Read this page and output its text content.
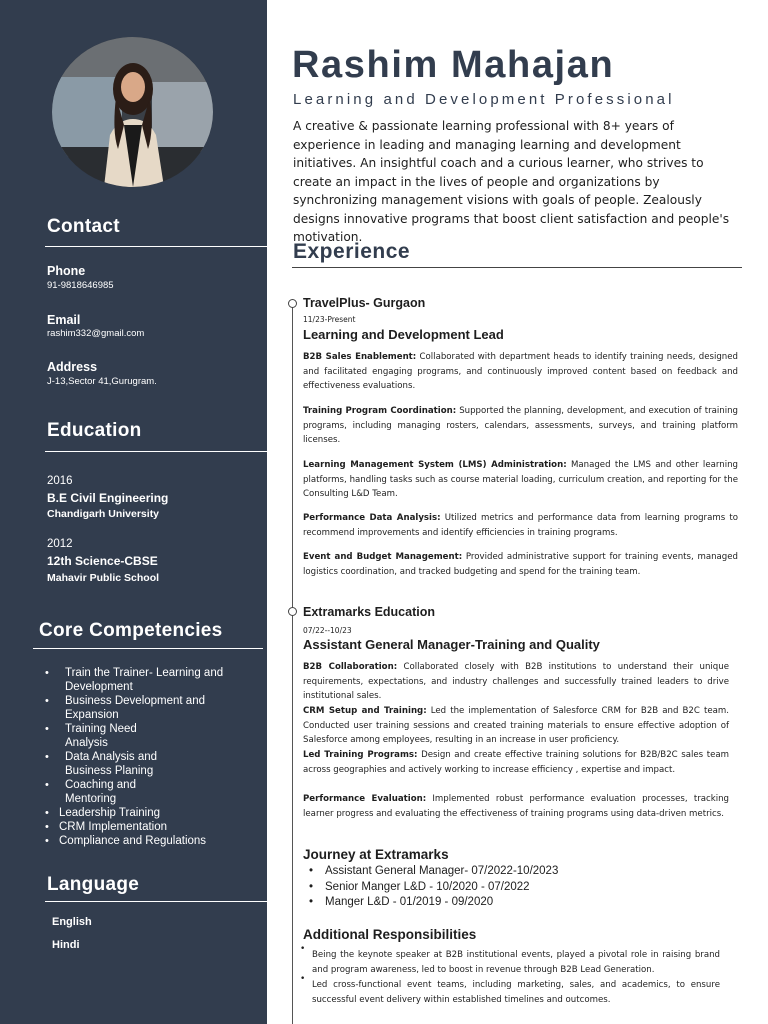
Contact
Phone
91-9818646985
Email
rashim332@gmail.com
Address
J-13,Sector 41,Gurugram.
Education
2016
B.E Civil Engineering
Chandigarh University
2012
12th Science-CBSE
Mahavir Public School
Core Competencies
• Train the Trainer- Learning and Development
• Business Development and Expansion
• Training Need Analysis
• Data Analysis and Business Planing
• Coaching and Mentoring
• Leadership Training
• CRM Implementation
• Compliance and Regulations
Language
English
Hindi
Rashim Mahajan
Learning and Development Professional
A creative & passionate learning professional with 8+ years of experience in leading and managing learning and development initiatives. An insightful coach and a curious learner, who strives to create an impact in the lives of people and organizations by synchronizing management visions with goals of people. Zealously designs innovative programs that boost client satisfaction and people's motivation.
Experience
TravelPlus- Gurgaon
11/23-Present
Learning and Development Lead
B2B Sales Enablement: Collaborated with department heads to identify training needs, designed and facilitated engaging programs, and continuously improved content based on feedback and effectiveness evaluations.
Training Program Coordination: Supported the planning, development, and execution of training programs, including managing rosters, calendars, assessments, surveys, and training platform licenses.
Learning Management System (LMS) Administration: Managed the LMS and other learning platforms, handling tasks such as course material loading, curriculum creation, and reporting for the Consulting L&D Team.
Performance Data Analysis: Utilized metrics and performance data from learning programs to recommend improvements and identify efficiencies in training programs.
Event and Budget Management: Provided administrative support for training events, managed logistics coordination, and tracked budgeting and spend for the training team.
Extramarks Education
07/22--10/23
Assistant General Manager-Training and Quality
B2B Collaboration: Collaborated closely with B2B institutions to understand their unique requirements, expectations, and industry challenges and successfully trained leaders to drive institutional sales.
CRM Setup and Training: Led the implementation of Salesforce CRM for B2B and B2C team. Conducted user training sessions and created training materials to ensure effective adoption of Salesforce among employees, resulting in an increase in user proficiency.
Led Training Programs: Design and create effective training solutions for B2B/B2C sales team across geographies and actively working to increase efficiency , expertise and impact.
Performance Evaluation: Implemented robust performance evaluation processes, tracking learner progress and evaluating the effectiveness of training programs using data-driven metrics.
Journey at Extramarks
• Assistant General Manager- 07/2022-10/2023
• Senior Manger L&D - 10/2020 - 07/2022
• Manger L&D - 01/2019 - 09/2020
Additional Responsibilities
• Being the keynote speaker at B2B institutional events, played a pivotal role in raising brand and program awareness, led to boost in revenue through B2B Lead Generation.
• Led cross-functional event teams, including marketing, sales, and academics, to ensure successful event delivery within established timelines and outcomes.
